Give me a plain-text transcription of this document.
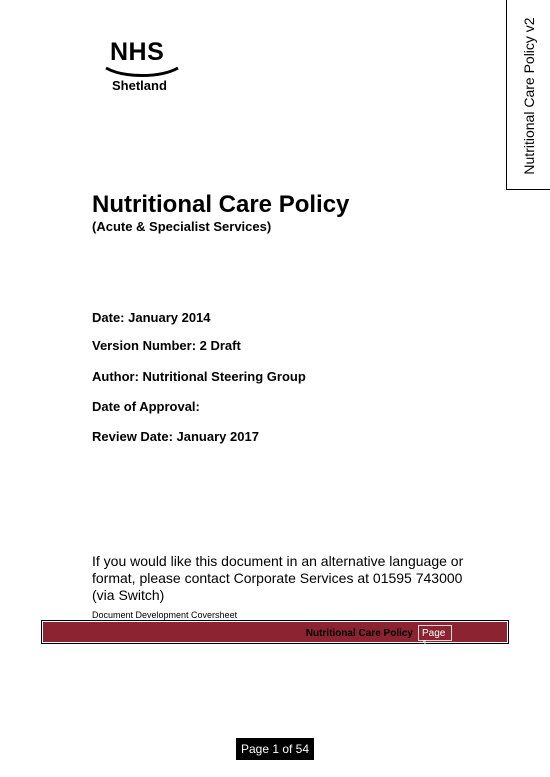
NHS
Shetland	Nutritional Care Policy v2
Nutritional Care Policy
(Acute & Specialist Services)
Date: January 2014
Version Number: 2 Draft
Author: Nutritional Steering Group
Date of Approval:
Review Date: January 2017
If you would like this document in an alternative language or
format, please contact Corporate Services at 01595 743000
(via Switch)
Document Development Coversheet
Nutritional Care Policy Page 1
Page 1 of 54
